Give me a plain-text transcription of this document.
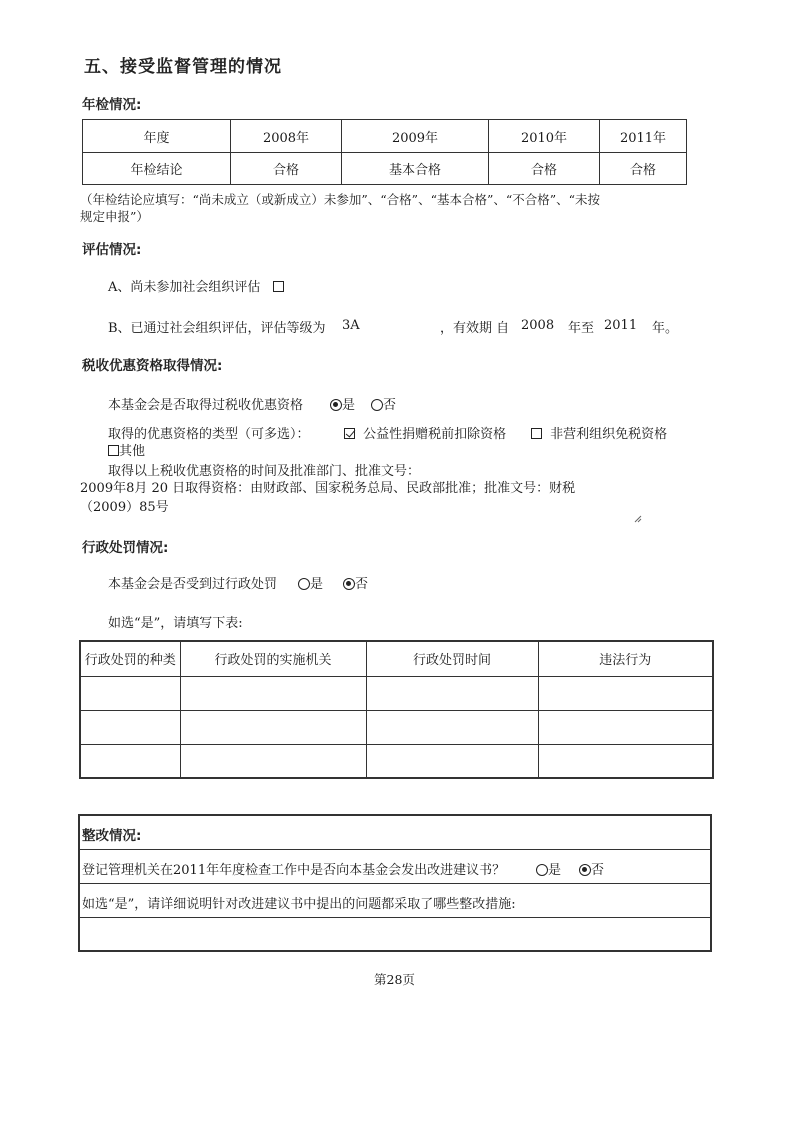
五、接受监督管理的情况
年检情况:
年度	2008年	2009年	2010年	2011年
年检结论	合格	基本合格	合格	合格
（年检结论应填写：“尚未成立（或新成立）未参加”、“合格”、“基本合格”、“不合格”、“未按
规定申报”）
评估情况:
A、尚未参加社会组织评估
B、已通过社会组织评估，评估等级为 3A	，有效期 自 2008 年至 2011 年。
税收优惠资格取得情况:
本基金会是否取得过税收优惠资格	是	否
取得的优惠资格的类型（可多选）：	公益性捐赠税前扣除资格	非营利组织免税资格
其他
取得以上税收优惠资格的时间及批准部门、批准文号：
2009年8月 20 日取得资格：由财政部、国家税务总局、民政部批准；批准文号：财税
（2009）85号
行政处罚情况:
本基金会是否受到过行政处罚	是	否
如选“是”，请填写下表:
行政处罚的种类	行政处罚的实施机关	行政处罚时间	违法行为

整改情况:
登记管理机关在2011年年度检查工作中是否向本基金会发出改进建议书？	是	否
如选“是”，请详细说明针对改进建议书中提出的问题都采取了哪些整改措施:
第28页
